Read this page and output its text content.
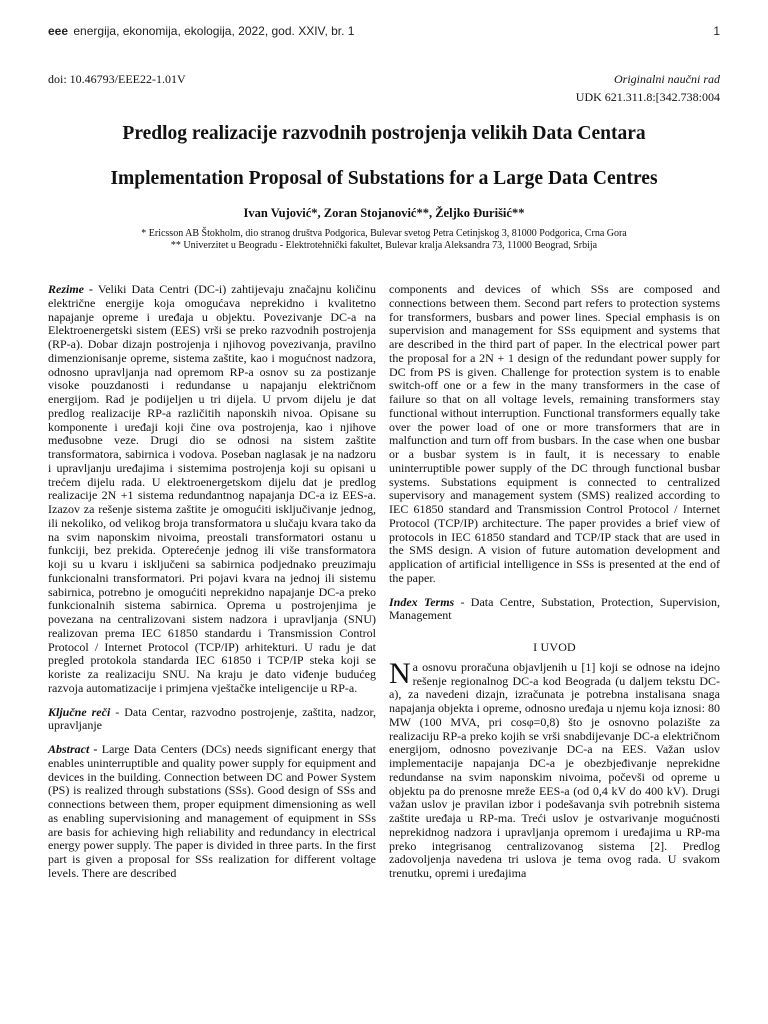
eee energija, ekonomija, ekologija, 2022, god. XXIV, br. 1	1
doi: 10.46793/EEE22-1.01V	Originalni naučni rad
UDK 621.311.8:[342.738:004
Predlog realizacije razvodnih postrojenja velikih Data Centara
Implementation Proposal of Substations for a Large Data Centres
Ivan Vujović*, Zoran Stojanović**, Željko Đurišić**
* Ericsson AB Štokholm, dio stranog društva Podgorica, Bulevar svetog Petra Cetinjskog 3, 81000 Podgorica, Crna Gora
** Univerzitet u Beogradu - Elektrotehnički fakultet, Bulevar kralja Aleksandra 73, 11000 Beograd, Srbija

Rezime - Veliki Data Centri (DC-i) zahtijevaju značajnu količinu električne energije koja omogućava neprekidno i kvalitetno napajanje opreme i uređaja u objektu. Povezivanje DC-a na Elektroenergetski sistem (EES) vrši se preko razvodnih postrojenja (RP-a). Dobar dizajn postrojenja i njihovog povezivanja, pravilno dimenzionisanje opreme, sistema zaštite, kao i mogućnost nadzora, odnosno upravljanja nad opremom RP-a osnov su za postizanje visoke pouzdanosti i redundanse u napajanju električnom energijom. Rad je podijeljen u tri dijela. U prvom dijelu je dat predlog realizacije RP-a različitih naponskih nivoa. Opisane su komponente i uređaji koji čine ova postrojenja, kao i njihove međusobne veze. Drugi dio se odnosi na sistem zaštite transformatora, sabirnica i vodova. Poseban naglasak je na nadzoru i upravljanju uređajima i sistemima postrojenja koji su opisani u trećem dijelu rada. U elektroenergetskom dijelu dat je predlog realizacije 2N +1 sistema redundantnog napajanja DC-a iz EES-a. Izazov za rešenje sistema zaštite je omogućiti isključivanje jednog, ili nekoliko, od velikog broja transformatora u slučaju kvara tako da na svim naponskim nivoima, preostali transformatori ostanu u funkciji, bez prekida. Opterećenje jednog ili više transformatora koji su u kvaru i isključeni sa sabirnica podjednako preuzimaju funkcionalni transformatori. Pri pojavi kvara na jednoj ili sistemu sabirnica, potrebno je omogućiti neprekidno napajanje DC-a preko funkcionalnih sistema sabirnica. Oprema u postrojenjima je povezana na centralizovani sistem nadzora i upravljanja (SNU) realizovan prema IEC 61850 standardu i Transmission Control Protocol / Internet Protocol (TCP/IP) arhitekturi. U radu je dat pregled protokola standarda IEC 61850 i TCP/IP steka koji se koriste za realizaciju SNU. Na kraju je dato viđenje budućeg razvoja automatizacije i primjena vještačke inteligencije u RP-a.

Ključne reči - Data Centar, razvodno postrojenje, zaštita, nadzor, upravljanje

Abstract - Large Data Centers (DCs) needs significant energy that enables uninterruptible and quality power supply for equipment and devices in the building. Connection between DC and Power System (PS) is realized through substations (SSs). Good design of SSs and connections between them, proper equipment dimensioning as well as enabling supervisioning and management of equipment in SSs are basis for achieving high reliability and redundancy in electrical energy power supply. The paper is divided in three parts. In the first part is given a proposal for SSs realization for different voltage levels. There are described

components and devices of which SSs are composed and connections between them. Second part refers to protection systems for transformers, busbars and power lines. Special emphasis is on supervision and management for SSs equipment and systems that are described in the third part of paper. In the electrical power part the proposal for a 2N + 1 design of the redundant power supply for DC from PS is given. Challenge for protection system is to enable switch-off one or a few in the many transformers in the case of failure so that on all voltage levels, remaining transformers stay functional without interruption. Functional transformers equally take over the power load of one or more transformers that are in malfunction and turn off from busbars. In the case when one busbar or a busbar system is in fault, it is necessary to enable uninterruptible power supply of the DC through functional busbar systems. Substations equipment is connected to centralized supervisory and management system (SMS) realized according to IEC 61850 standard and Transmission Control Protocol / Internet Protocol (TCP/IP) architecture. The paper provides a brief view of protocols in IEC 61850 standard and TCP/IP stack that are used in the SMS design. A vision of future automation development and application of artificial intelligence in SSs is presented at the end of the paper.

Index Terms - Data Centre, Substation, Protection, Supervision, Management

I UVOD

Na osnovu proračuna objavljenih u [1] koji se odnose na idejno rešenje regionalnog DC-a kod Beograda (u daljem tekstu DC-a), za navedeni dizajn, izračunata je potrebna instalisana snaga napajanja objekta i opreme, odnosno uređaja u njemu koja iznosi: 80 MW (100 MVA, pri cosφ=0,8) što je osnovno polazište za realizaciju RP-a preko kojih se vrši snabdijevanje DC-a električnom energijom, odnosno povezivanje DC-a na EES. Važan uslov implementacije napajanja DC-a je obezbjeđivanje neprekidne redundanse na svim naponskim nivoima, počevši od opreme u objektu pa do prenosne mreže EES-a (od 0,4 kV do 400 kV). Drugi važan uslov je pravilan izbor i podešavanja svih potrebnih sistema zaštite uređaja u RP-ma. Treći uslov je ostvarivanje mogućnosti neprekidnog nadzora i upravljanja opremom i uređajima u RP-ma preko integrisanog centralizovanog sistema [2]. Predlog zadovoljenja navedena tri uslova je tema ovog rada. U svakom trenutku, opremi i uređajima
